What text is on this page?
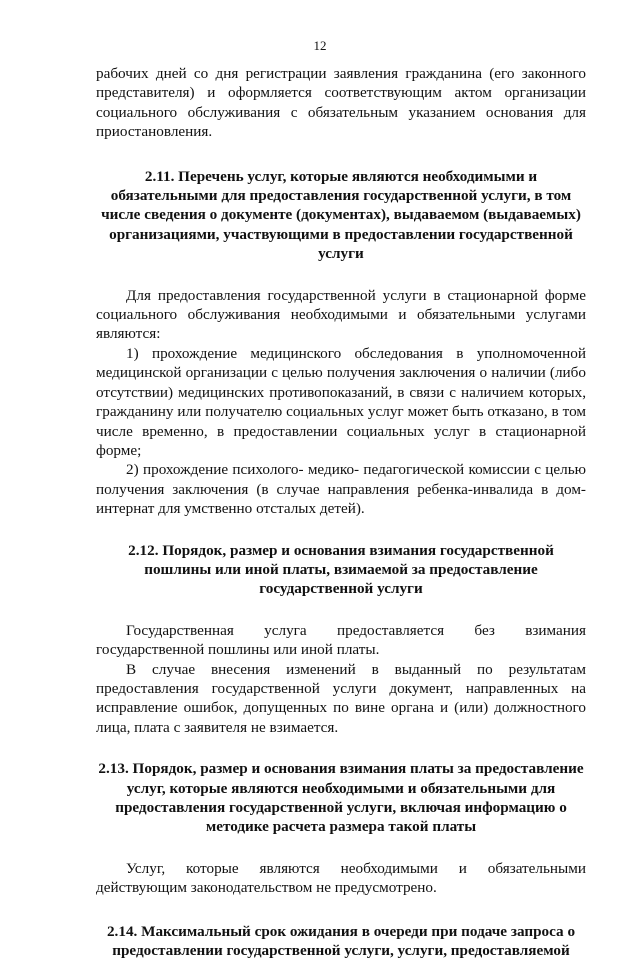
12

рабочих дней со дня регистрации заявления гражданина (его законного представителя) и оформляется соответствующим актом организации социального обслуживания с обязательным указанием основания для приостановления.

2.11. Перечень услуг, которые являются необходимыми и обязательными для предоставления государственной услуги, в том числе сведения о документе (документах), выдаваемом (выдаваемых) организациями, участвующими в предоставлении государственной услуги

Для предоставления государственной услуги в стационарной форме социального обслуживания необходимыми и обязательными услугами являются:

1) прохождение медицинского обследования в уполномоченной медицинской организации с целью получения заключения о наличии (либо отсутствии) медицинских противопоказаний, в связи с наличием которых, гражданину или получателю социальных услуг может быть отказано, в том числе временно, в предоставлении социальных услуг в стационарной форме;

2) прохождение психолого- медико- педагогической комиссии с целью получения заключения (в случае направления ребенка-инвалида в дом-интернат для умственно отсталых детей).

2.12. Порядок, размер и основания взимания государственной пошлины или иной платы, взимаемой за предоставление государственной услуги

Государственная услуга предоставляется без взимания государственной пошлины или иной платы.

В случае внесения изменений в выданный по результатам предоставления государственной услуги документ, направленных на исправление ошибок, допущенных по вине органа и (или) должностного лица, плата с заявителя не взимается.

2.13. Порядок, размер и основания взимания платы за предоставление услуг, которые являются необходимыми и обязательными для предоставления государственной услуги, включая информацию о методике расчета размера такой платы

Услуг, которые являются необходимыми и обязательными действующим законодательством не предусмотрено.

2.14. Максимальный срок ожидания в очереди при подаче запроса о предоставлении государственной услуги, услуги, предоставляемой
